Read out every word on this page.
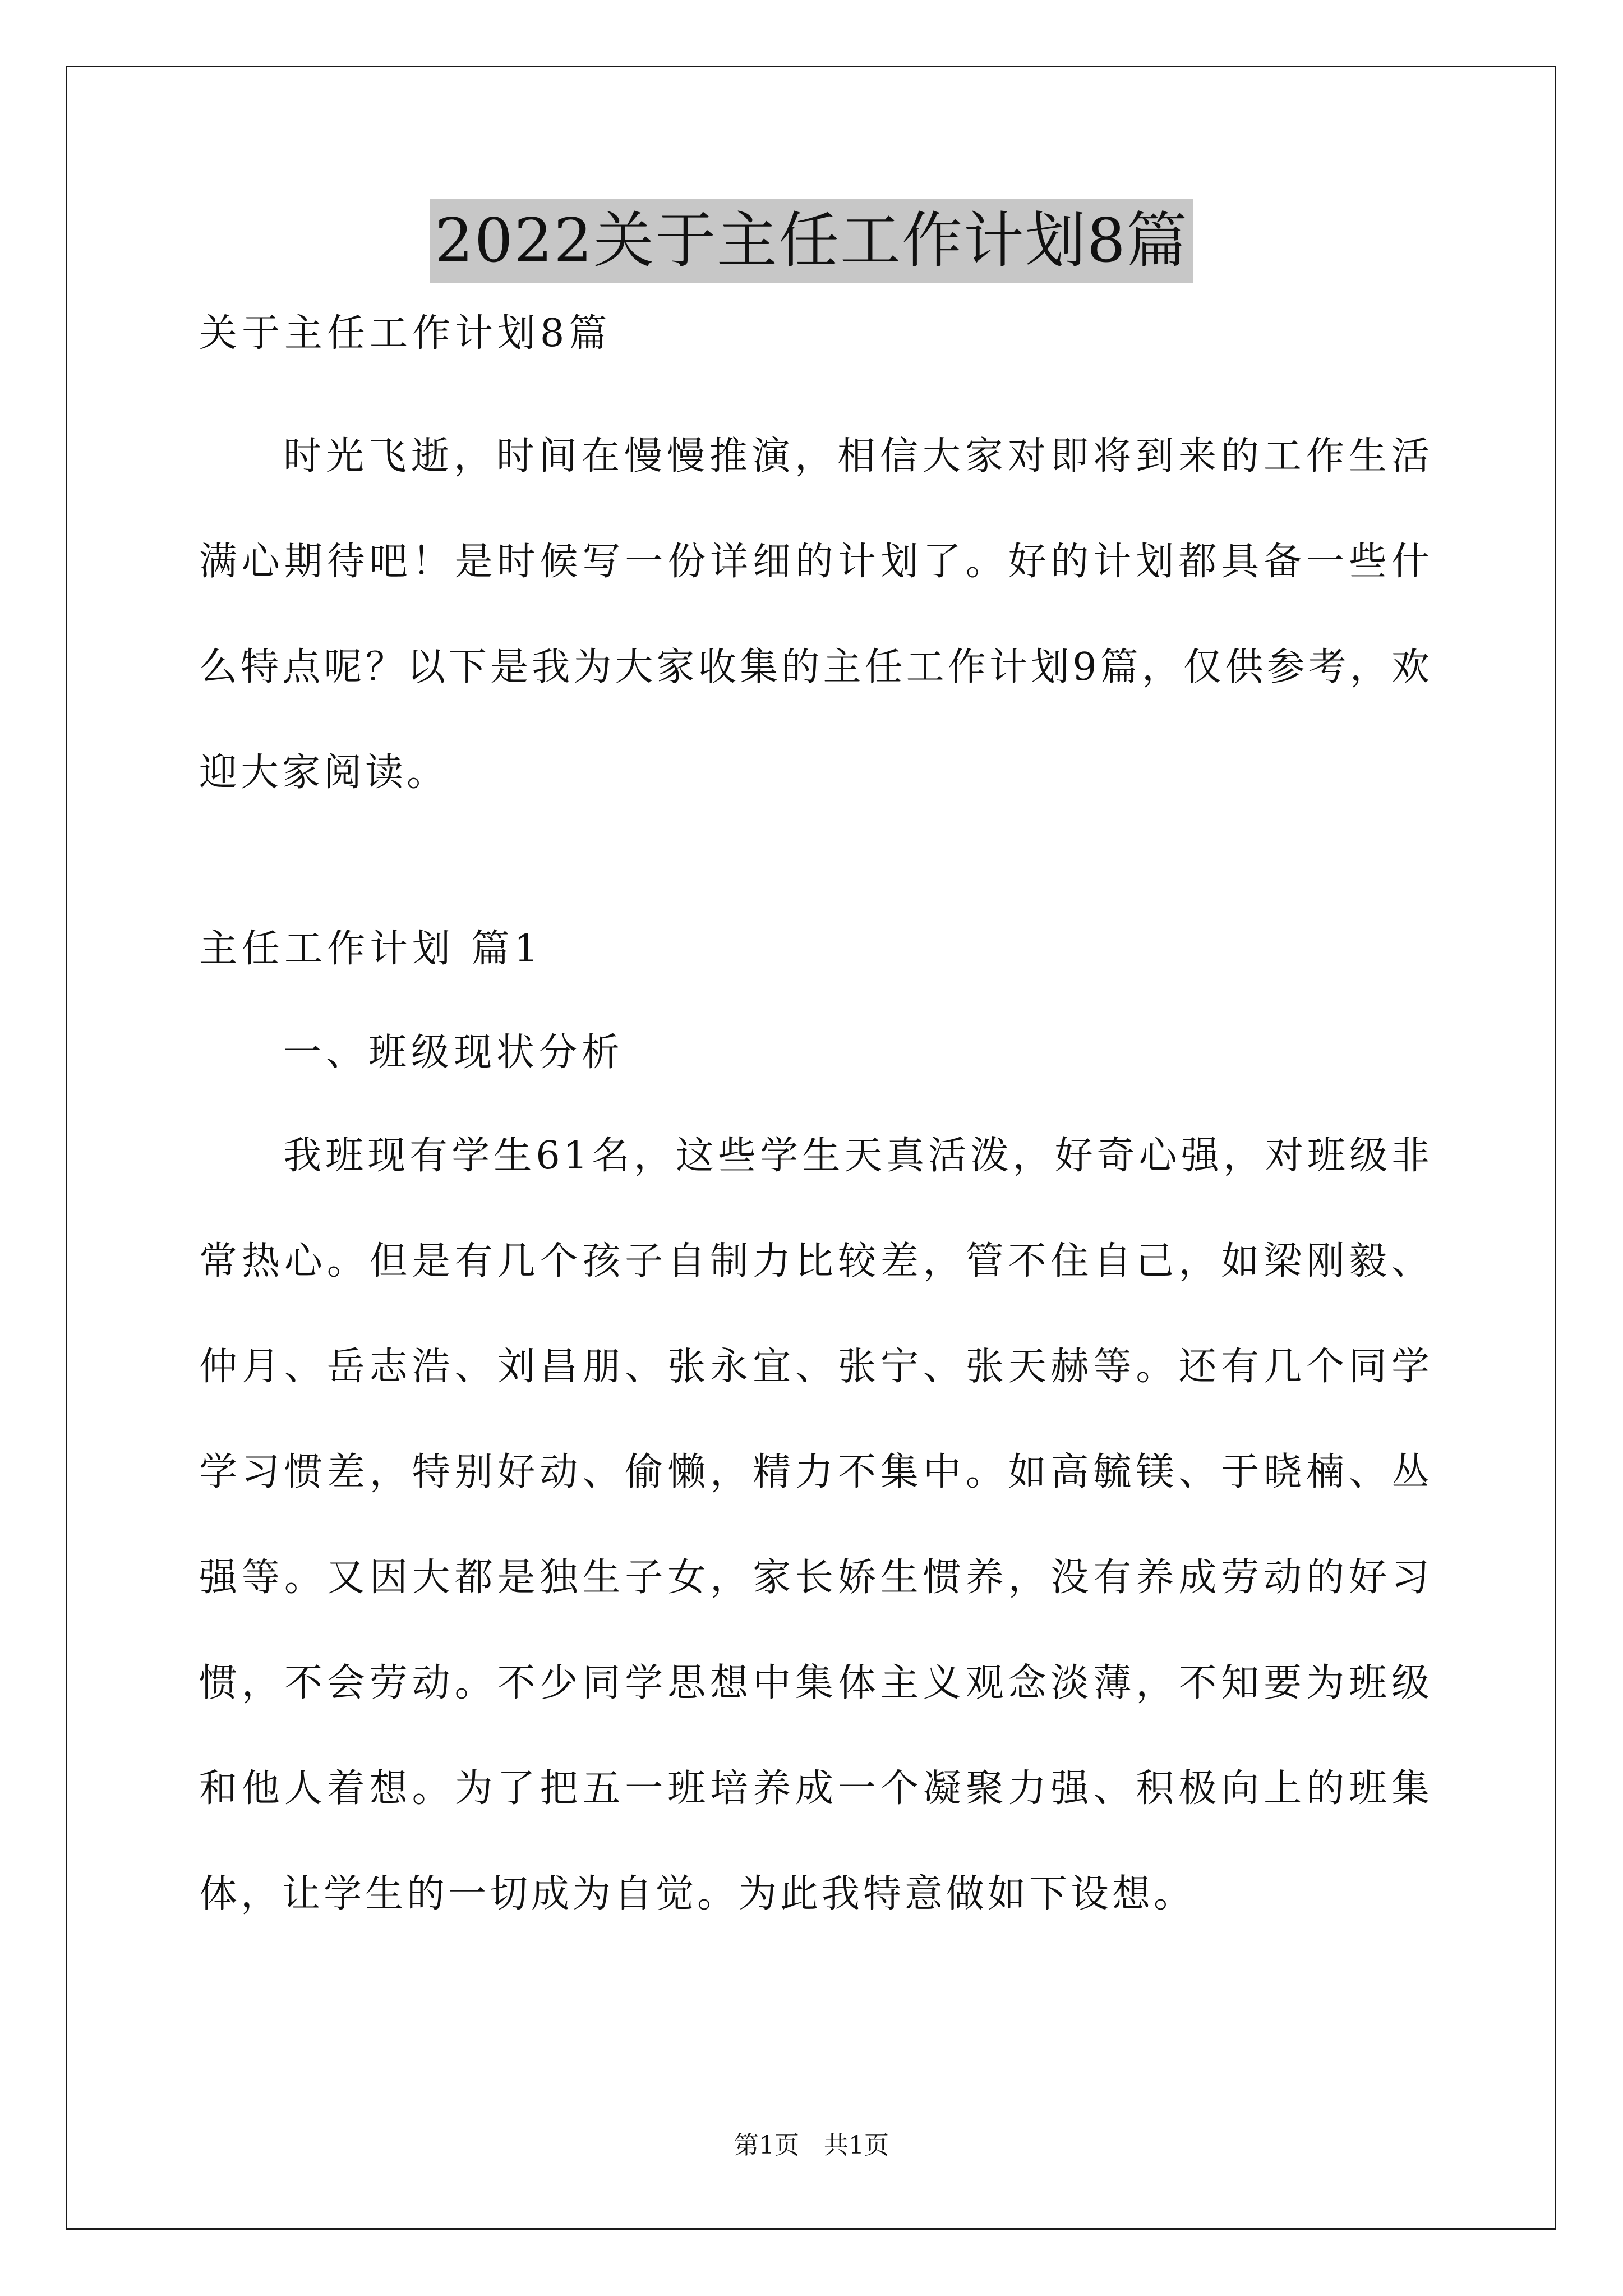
2022关于主任工作计划8篇
关于主任工作计划8篇

时光飞逝，时间在慢慢推演，相信大家对即将到来的工作生活满心期待吧！是时候写一份详细的计划了。好的计划都具备一些什么特点呢？以下是我为大家收集的主任工作计划9篇，仅供参考，欢迎大家阅读。

主任工作计划 篇1
一、班级现状分析

我班现有学生61名，这些学生天真活泼，好奇心强，对班级非常热心。但是有几个孩子自制力比较差，管不住自己，如梁刚毅、仲月、岳志浩、刘昌朋、张永宜、张宁、张天赫等。还有几个同学学习惯差，特别好动、偷懒，精力不集中。如高毓镁、于晓楠、丛强等。又因大都是独生子女，家长娇生惯养，没有养成劳动的好习惯，不会劳动。不少同学思想中集体主义观念淡薄，不知要为班级和他人着想。为了把五一班培养成一个凝聚力强、积极向上的班集体，让学生的一切成为自觉。为此我特意做如下设想。

第1页　共1页
